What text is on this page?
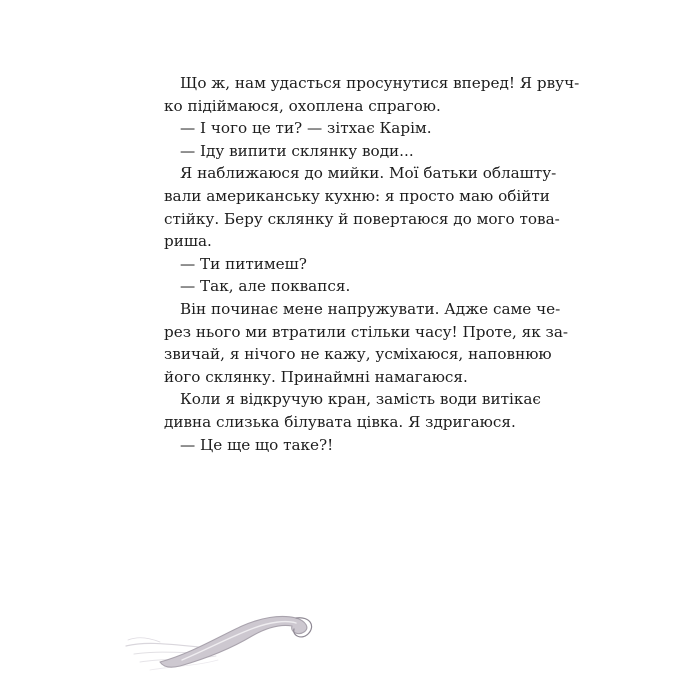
Що ж, нам удасться просунутися вперед! Я рвуч-
ко підіймаюся, охоплена спрагою.

— І чого це ти? — зітхає Карім.

— Іду випити склянку води...

Я наближаюся до мийки. Мої батьки облашту-
вали американську кухню: я просто маю обійти
стійку. Беру склянку й повертаюся до мого това-
риша.

— Ти питимеш?

— Так, але поквапся.

Він починає мене напружувати. Адже саме че-
рез нього ми втратили стільки часу! Проте, як за-
звичай, я нічого не кажу, усміхаюся, наповнюю
його склянку. Принаймні намагаюся.

Коли я відкручую кран, замість води витікає
дивна слизька білувата цівка. Я здригаюся.

— Це ще що таке?!
